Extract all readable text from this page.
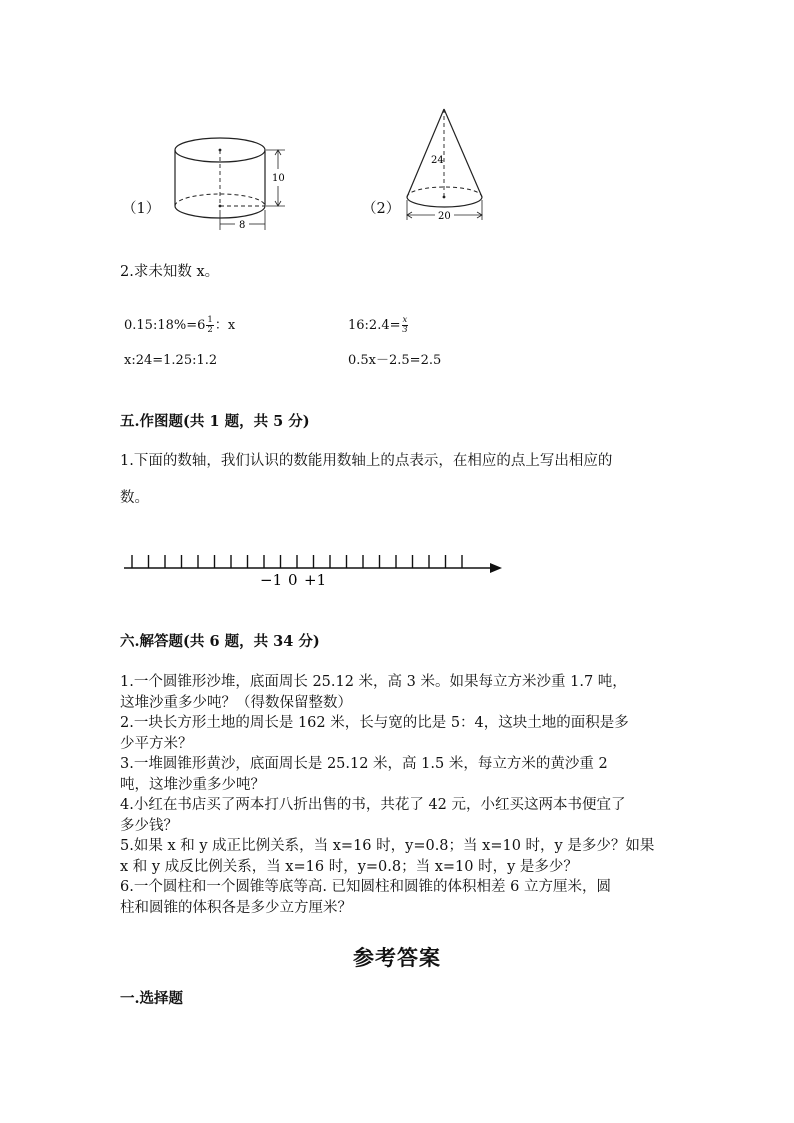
（1）
10
8
（2）
24
20
2.求未知数 x。
0.15:18%=6 $\frac{1}{2}$ ：x	16:2.4= $\frac{x}{3}$
x:24=1.25:1.2	0.5x－2.5=2.5
五.作图题(共 1 题，共 5 分)
1.下面的数轴，我们认识的数能用数轴上的点表示，在相应的点上写出相应的
数。
−1 0 +1
六.解答题(共 6 题，共 34 分)
1.一个圆锥形沙堆，底面周长 25.12 米，高 3 米。如果每立方米沙重 1.7 吨，
这堆沙重多少吨？（得数保留整数）
2.一块长方形土地的周长是 162 米，长与宽的比是 5：4，这块土地的面积是多
少平方米？
3.一堆圆锥形黄沙，底面周长是 25.12 米，高 1.5 米，每立方米的黄沙重 2
吨，这堆沙重多少吨？
4.小红在书店买了两本打八折出售的书，共花了 42 元，小红买这两本书便宜了
多少钱？
5.如果 x 和 y 成正比例关系，当 x=16 时，y=0.8；当 x=10 时，y 是多少？如果
x 和 y 成反比例关系，当 x=16 时，y=0.8；当 x=10 时，y 是多少？
6.一个圆柱和一个圆锥等底等高. 已知圆柱和圆锥的体积相差 6 立方厘米，圆
柱和圆锥的体积各是多少立方厘米？
参考答案
一.选择题
